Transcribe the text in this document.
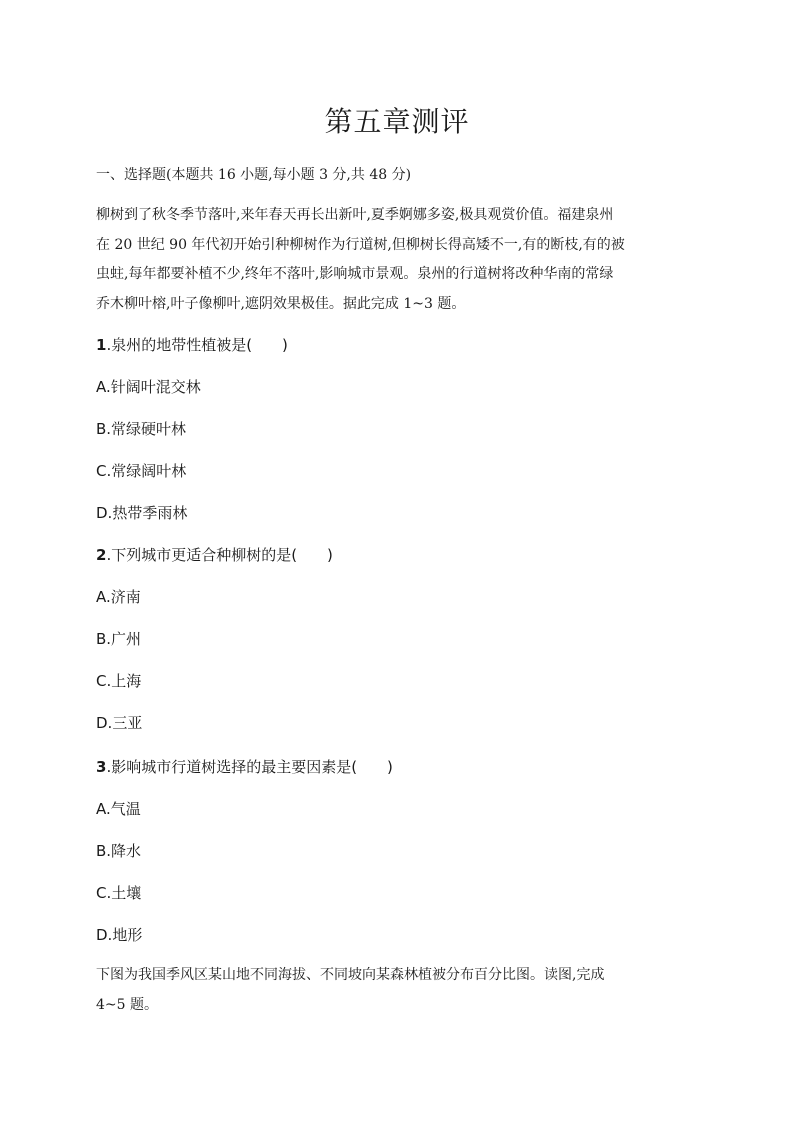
第五章测评
一、选择题(本题共 16 小题,每小题 3 分,共 48 分)
柳树到了秋冬季节落叶,来年春天再长出新叶,夏季婀娜多姿,极具观赏价值。福建泉州
在 20 世纪 90 年代初开始引种柳树作为行道树,但柳树长得高矮不一,有的断枝,有的被
虫蛀,每年都要补植不少,终年不落叶,影响城市景观。泉州的行道树将改种华南的常绿
乔木柳叶榕,叶子像柳叶,遮阴效果极佳。据此完成 1~3 题。
1.泉州的地带性植被是(　　)
A.针阔叶混交林
B.常绿硬叶林
C.常绿阔叶林
D.热带季雨林
2.下列城市更适合种柳树的是(　　)
A.济南
B.广州
C.上海
D.三亚
3.影响城市行道树选择的最主要因素是(　　)
A.气温
B.降水
C.土壤
D.地形
下图为我国季风区某山地不同海拔、不同坡向某森林植被分布百分比图。读图,完成
4~5 题。
